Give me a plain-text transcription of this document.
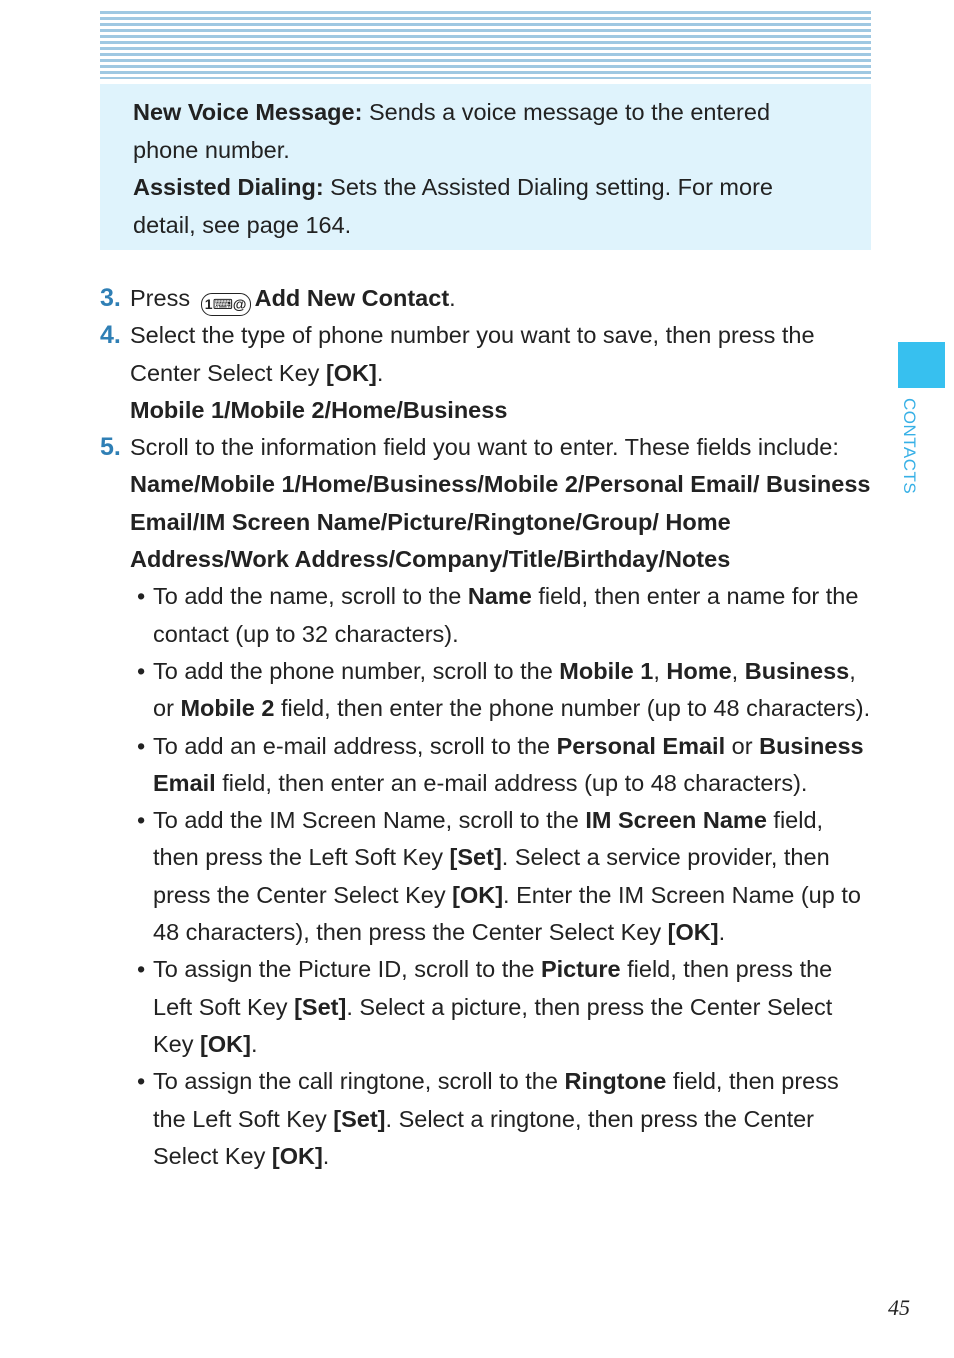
New Voice Message: Sends a voice message to the entered phone number.

Assisted Dialing: Sets the Assisted Dialing setting. For more detail, see page 164.

3. Press 1⌨@ Add New Contact.
4. Select the type of phone number you want to save, then press the Center Select Key [OK].
Mobile 1/Mobile 2/Home/Business
5. Scroll to the information field you want to enter. These fields include:
Name/Mobile 1/Home/Business/Mobile 2/Personal Email/ Business Email/IM Screen Name/Picture/Ringtone/Group/ Home Address/Work Address/Company/Title/Birthday/Notes
• To add the name, scroll to the Name field, then enter a name for the contact (up to 32 characters).
• To add the phone number, scroll to the Mobile 1, Home, Business, or Mobile 2 field, then enter the phone number (up to 48 characters).
• To add an e-mail address, scroll to the Personal Email or Business Email field, then enter an e-mail address (up to 48 characters).
• To add the IM Screen Name, scroll to the IM Screen Name field, then press the Left Soft Key [Set]. Select a service provider, then press the Center Select Key [OK]. Enter the IM Screen Name (up to 48 characters), then press the Center Select Key [OK].
• To assign the Picture ID, scroll to the Picture field, then press the Left Soft Key [Set]. Select a picture, then press the Center Select Key [OK].
• To assign the call ringtone, scroll to the Ringtone field, then press the Left Soft Key [Set]. Select a ringtone, then press the Center Select Key [OK].
CONTACTS
45
